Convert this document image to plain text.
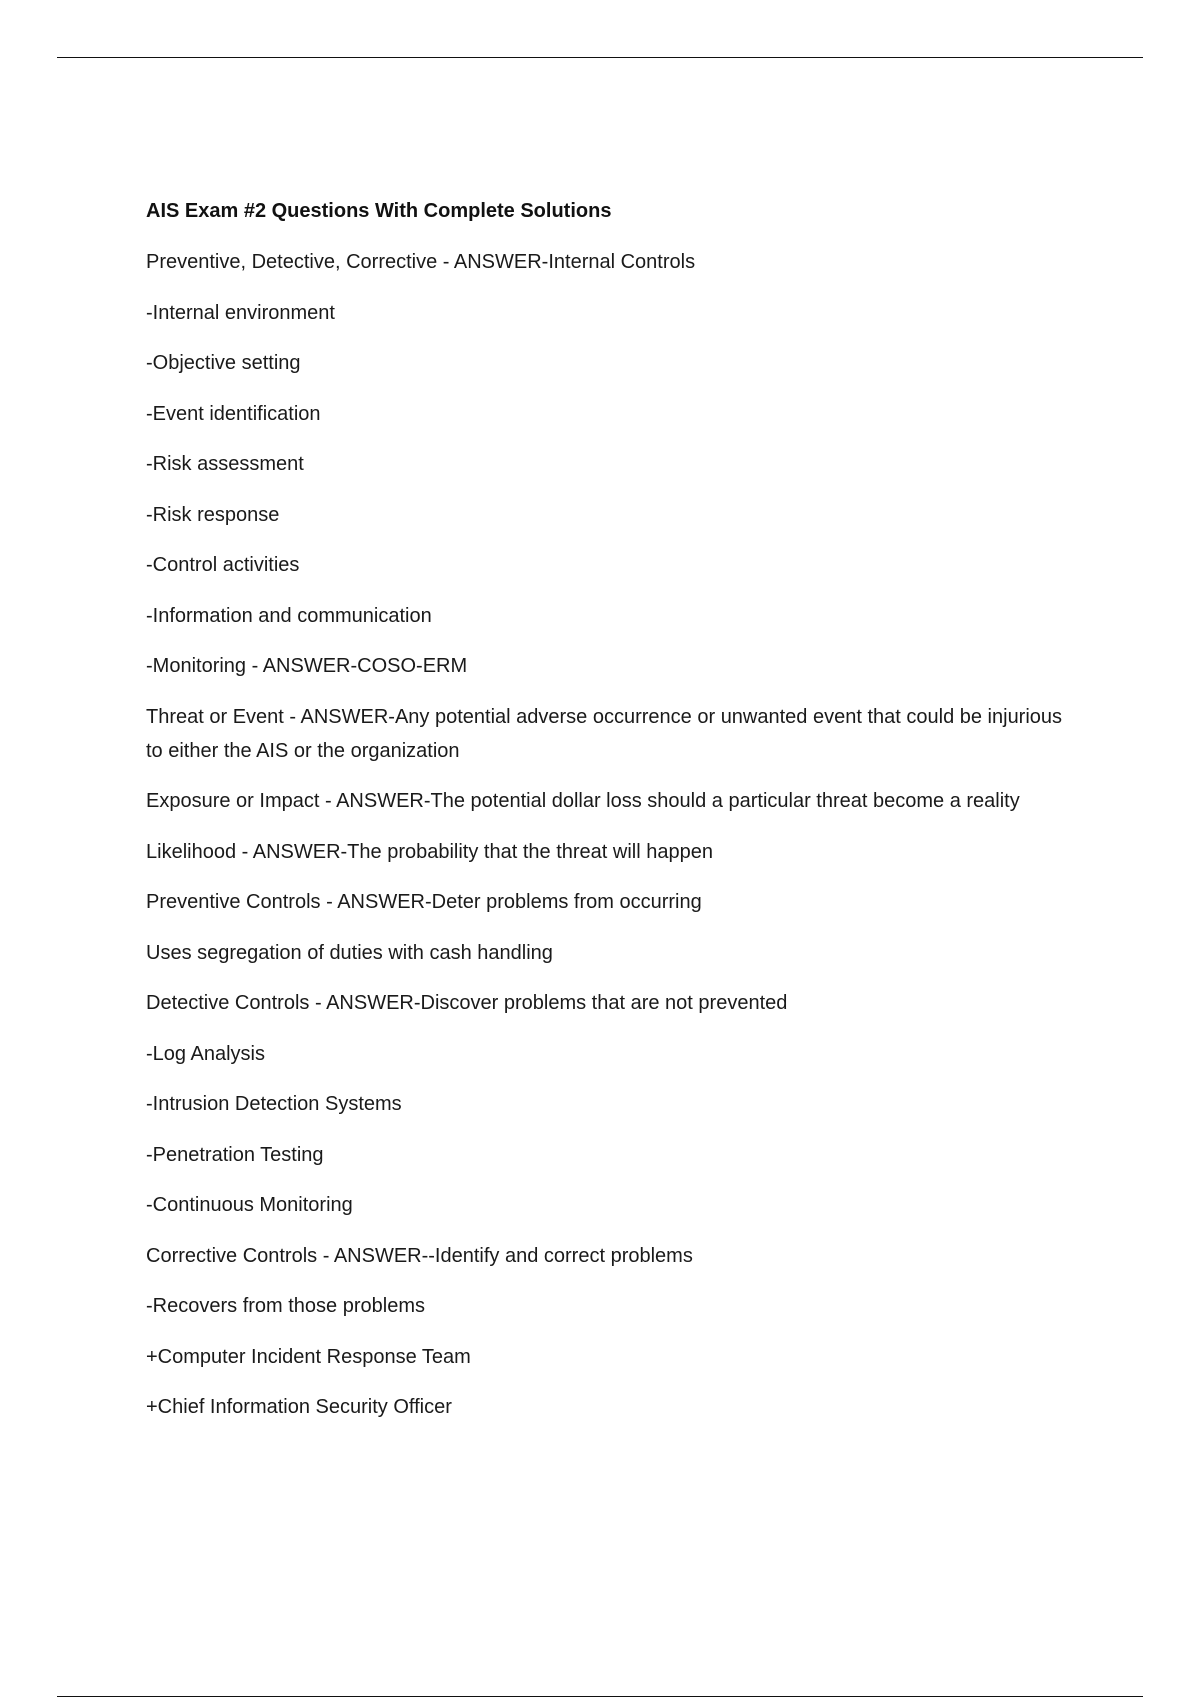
AIS Exam #2 Questions With Complete Solutions
Preventive, Detective, Corrective - ANSWER-Internal Controls
-Internal environment
-Objective setting
-Event identification
-Risk assessment
-Risk response
-Control activities
-Information and communication
-Monitoring - ANSWER-COSO-ERM
Threat or Event - ANSWER-Any potential adverse occurrence or unwanted event that could be injurious to either the AIS or the organization
Exposure or Impact - ANSWER-The potential dollar loss should a particular threat become a reality
Likelihood - ANSWER-The probability that the threat will happen
Preventive Controls - ANSWER-Deter problems from occurring
Uses segregation of duties with cash handling
Detective Controls - ANSWER-Discover problems that are not prevented
-Log Analysis
-Intrusion Detection Systems
-Penetration Testing
-Continuous Monitoring
Corrective Controls - ANSWER--Identify and correct problems
-Recovers from those problems
+Computer Incident Response Team
+Chief Information Security Officer
